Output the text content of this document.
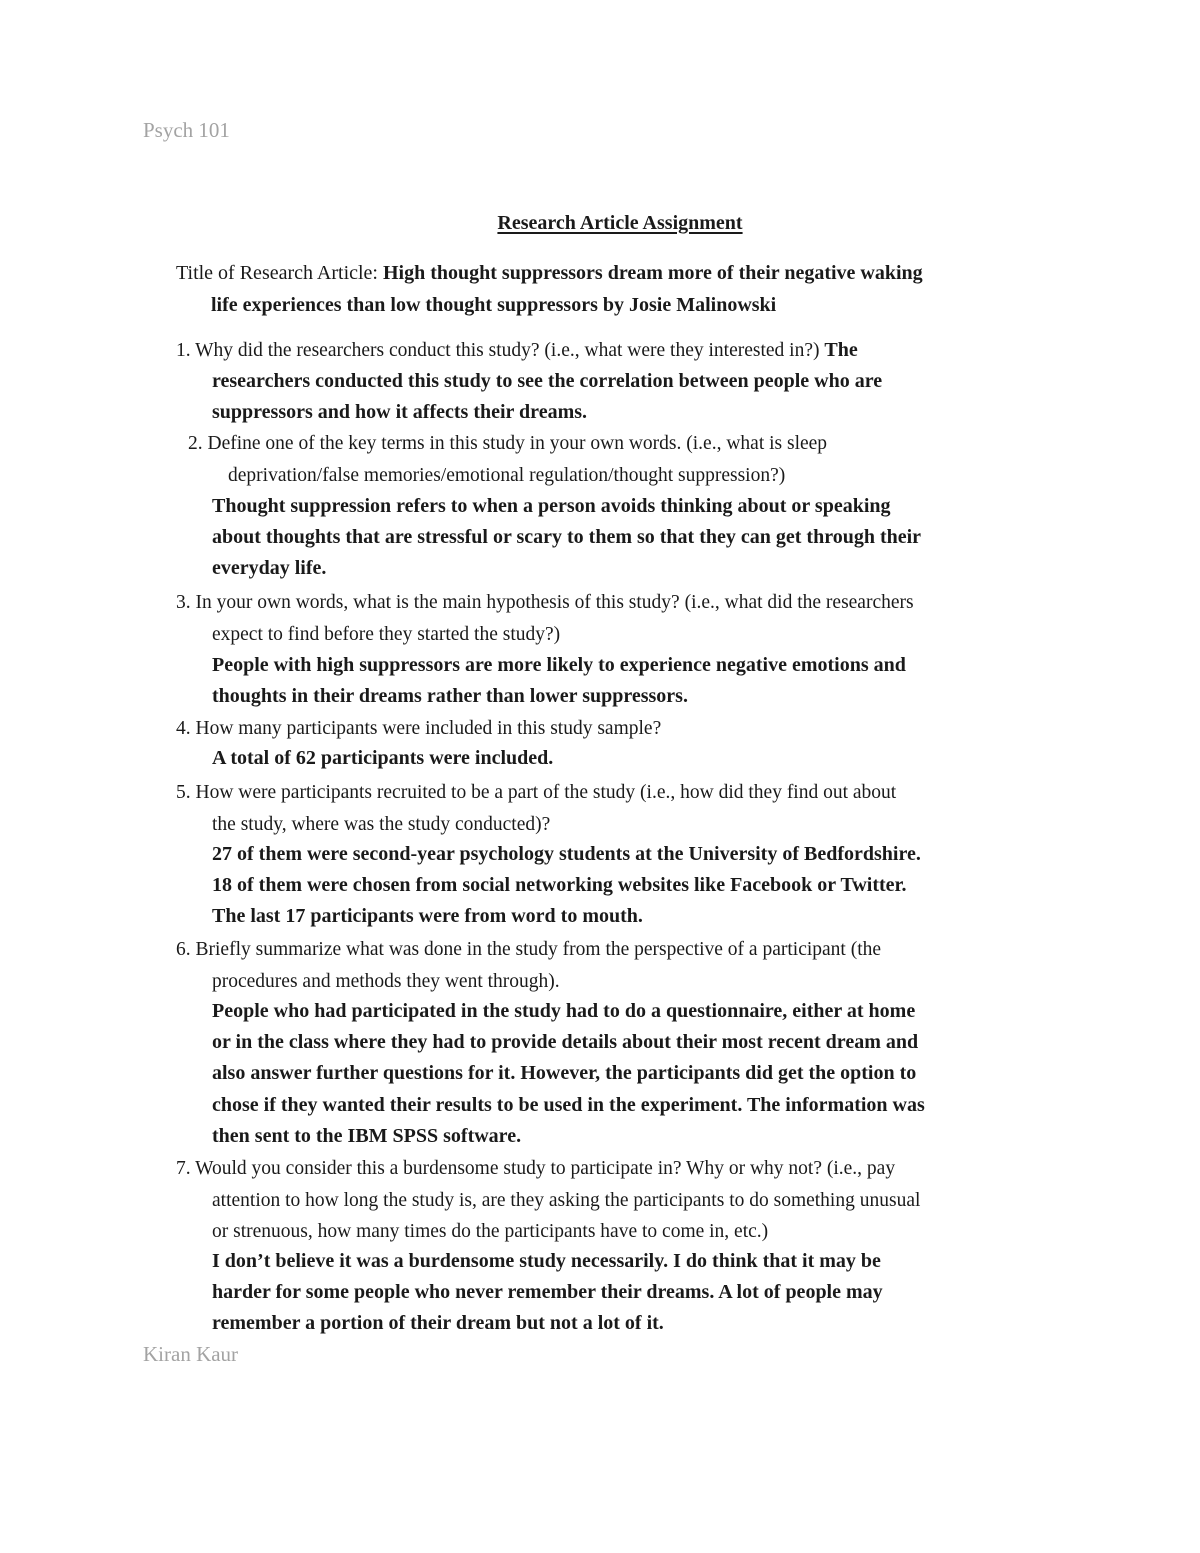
Psych 101
Research Article Assignment
Title of Research Article: High thought suppressors dream more of their negative waking
life experiences than low thought suppressors by Josie Malinowski
1. Why did the researchers conduct this study? (i.e., what were they interested in?) The
researchers conducted this study to see the correlation between people who are
suppressors and how it affects their dreams.
2. Define one of the key terms in this study in your own words. (i.e., what is sleep
deprivation/false memories/emotional regulation/thought suppression?)
Thought suppression refers to when a person avoids thinking about or speaking
about thoughts that are stressful or scary to them so that they can get through their
everyday life.
3. In your own words, what is the main hypothesis of this study? (i.e., what did the researchers
expect to find before they started the study?)
People with high suppressors are more likely to experience negative emotions and
thoughts in their dreams rather than lower suppressors.
4. How many participants were included in this study sample?
A total of 62 participants were included.
5. How were participants recruited to be a part of the study (i.e., how did they find out about
the study, where was the study conducted)?
27 of them were second-year psychology students at the University of Bedfordshire.
18 of them were chosen from social networking websites like Facebook or Twitter.
The last 17 participants were from word to mouth.
6. Briefly summarize what was done in the study from the perspective of a participant (the
procedures and methods they went through).
People who had participated in the study had to do a questionnaire, either at home
or in the class where they had to provide details about their most recent dream and
also answer further questions for it. However, the participants did get the option to
chose if they wanted their results to be used in the experiment. The information was
then sent to the IBM SPSS software.
7. Would you consider this a burdensome study to participate in? Why or why not? (i.e., pay
attention to how long the study is, are they asking the participants to do something unusual
or strenuous, how many times do the participants have to come in, etc.)
I don’t believe it was a burdensome study necessarily. I do think that it may be
harder for some people who never remember their dreams. A lot of people may
remember a portion of their dream but not a lot of it.
Kiran Kaur
